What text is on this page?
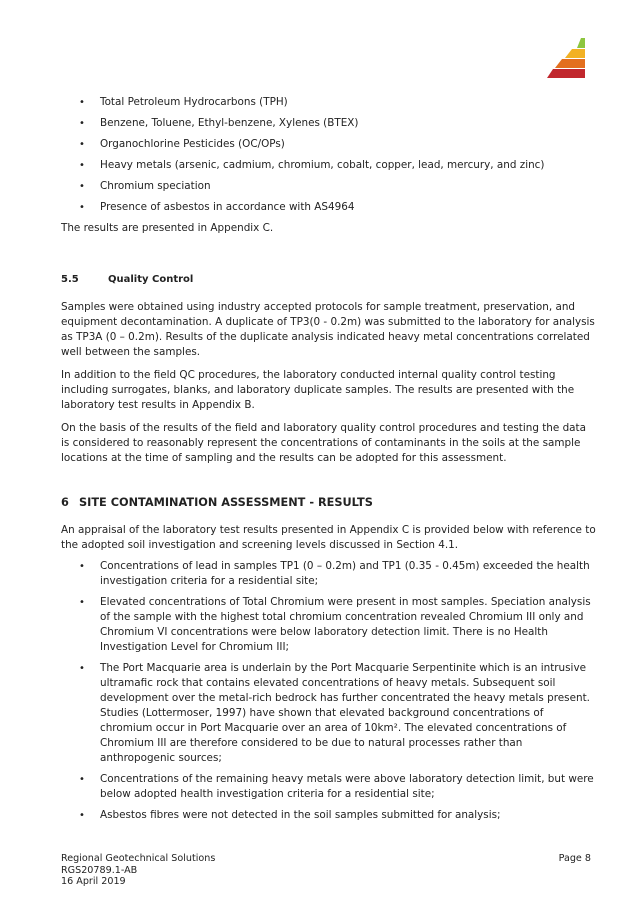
• Total Petroleum Hydrocarbons (TPH)
• Benzene, Toluene, Ethyl-benzene, Xylenes (BTEX)
• Organochlorine Pesticides (OC/OPs)
• Heavy metals (arsenic, cadmium, chromium, cobalt, copper, lead, mercury, and zinc)
• Chromium speciation
• Presence of asbestos in accordance with AS4964

The results are presented in Appendix C.

5.5	Quality Control

Samples were obtained using industry accepted protocols for sample treatment, preservation, and equipment decontamination. A duplicate of TP3(0 - 0.2m) was submitted to the laboratory for analysis as TP3A (0 – 0.2m). Results of the duplicate analysis indicated heavy metal concentrations correlated well between the samples.

In addition to the field QC procedures, the laboratory conducted internal quality control testing including surrogates, blanks, and laboratory duplicate samples. The results are presented with the laboratory test results in Appendix B.

On the basis of the results of the field and laboratory quality control procedures and testing the data is considered to reasonably represent the concentrations of contaminants in the soils at the sample locations at the time of sampling and the results can be adopted for this assessment.

6 SITE CONTAMINATION ASSESSMENT - RESULTS

An appraisal of the laboratory test results presented in Appendix C is provided below with reference to the adopted soil investigation and screening levels discussed in Section 4.1.

• Concentrations of lead in samples TP1 (0 – 0.2m) and TP1 (0.35 - 0.45m) exceeded the health investigation criteria for a residential site;
• Elevated concentrations of Total Chromium were present in most samples. Speciation analysis of the sample with the highest total chromium concentration revealed Chromium III only and Chromium VI concentrations were below laboratory detection limit. There is no Health Investigation Level for Chromium III;
• The Port Macquarie area is underlain by the Port Macquarie Serpentinite which is an intrusive ultramafic rock that contains elevated concentrations of heavy metals. Subsequent soil development over the metal-rich bedrock has further concentrated the heavy metals present. Studies (Lottermoser, 1997) have shown that elevated background concentrations of chromium occur in Port Macquarie over an area of 10km². The elevated concentrations of Chromium III are therefore considered to be due to natural processes rather than anthropogenic sources;
• Concentrations of the remaining heavy metals were above laboratory detection limit, but were below adopted health investigation criteria for a residential site;
• Asbestos fibres were not detected in the soil samples submitted for analysis;
Regional Geotechnical Solutions
RGS20789.1-AB
16 April 2019
Page 8
